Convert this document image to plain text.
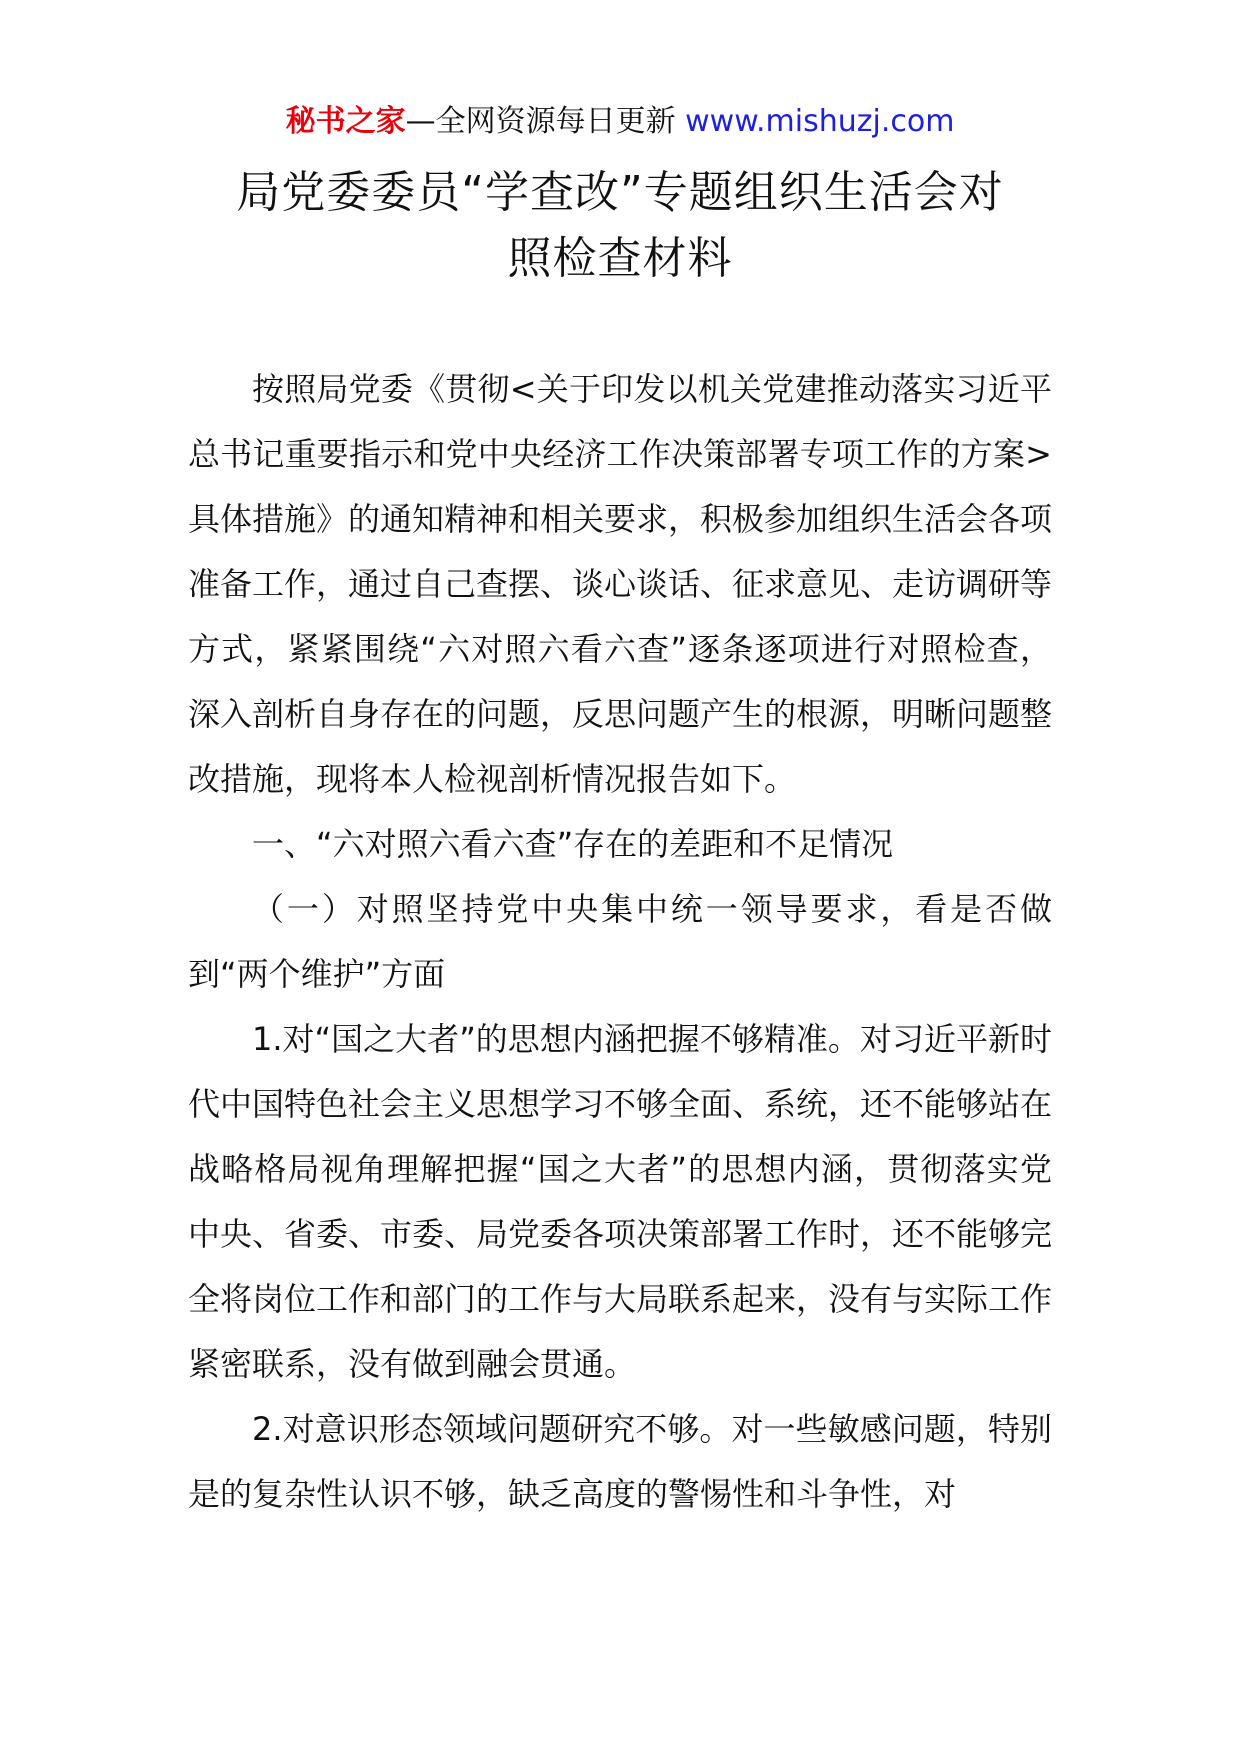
秘书之家—全网资源每日更新 www.mishuzj.com
局党委委员“学查改”专题组织生活会对
照检查材料

按照局党委《贯彻<关于印发以机关党建推动落实习近平总书记重要指示和党中央经济工作决策部署专项工作的方案>具体措施》的通知精神和相关要求，积极参加组织生活会各项准备工作，通过自己查摆、谈心谈话、征求意见、走访调研等方式，紧紧围绕“六对照六看六查”逐条逐项进行对照检查，深入剖析自身存在的问题，反思问题产生的根源，明晰问题整改措施，现将本人检视剖析情况报告如下。

一、“六对照六看六查”存在的差距和不足情况

（一）对照坚持党中央集中统一领导要求，看是否做到“两个维护”方面

1.对“国之大者”的思想内涵把握不够精准。对习近平新时代中国特色社会主义思想学习不够全面、系统，还不能够站在战略格局视角理解把握“国之大者”的思想内涵，贯彻落实党中央、省委、市委、局党委各项决策部署工作时，还不能够完全将岗位工作和部门的工作与大局联系起来，没有与实际工作紧密联系，没有做到融会贯通。

2.对意识形态领域问题研究不够。对一些敏感问题，特别是的复杂性认识不够，缺乏高度的警惕性和斗争性，对
